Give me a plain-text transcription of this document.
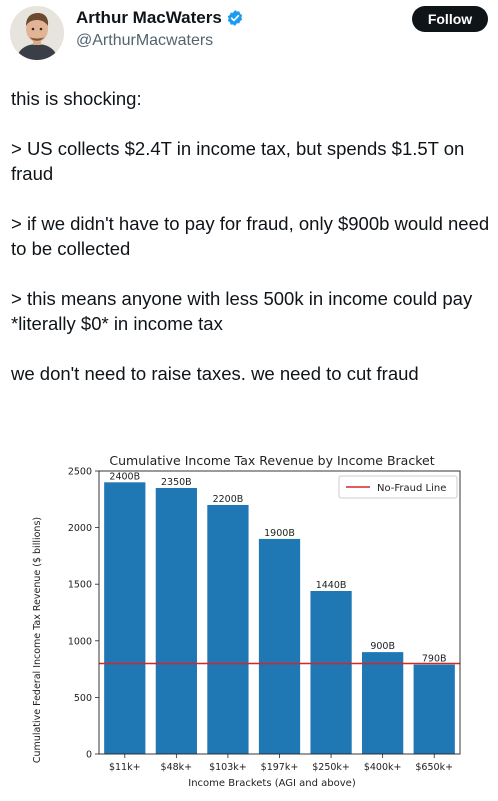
Arthur MacWaters
@ArthurMacwaters
Follow

this is shocking:

> US collects $2.4T in income tax, but spends $1.5T on fraud

> if we didn't have to pay for fraud, only $900b would need to be collected

> this means anyone with less 500k in income could pay *literally $0* in income tax

we don't need to raise taxes. we need to cut fraud

Cumulative Income Tax Revenue by Income Bracket
Cumulative Federal Income Tax Revenue ($ billions)
Income Brackets (AGI and above)
2400B
$11k+
2350B
$48k+
2200B
$103k+
1900B
$197k+
1440B
$250k+
900B
$400k+
790B
$650k+
0
500
1000
1500
2000
2500
No-Fraud Line
